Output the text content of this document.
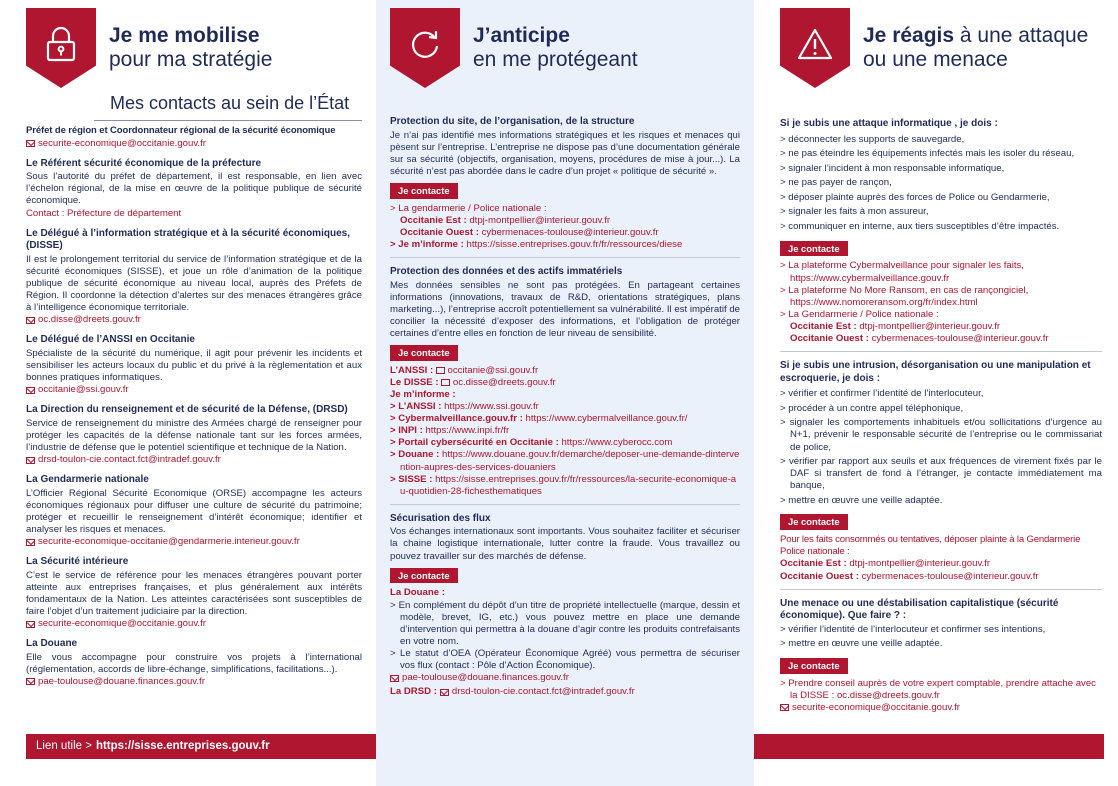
Je me mobilise
pour ma stratégie
Mes contacts au sein de l’État
Préfet de région et Coordonnateur régional de la sécurité économique
securite-economique@occitanie.gouv.fr
Le Référent sécurité économique de la préfecture
Sous l’autorité du préfet de département, il est responsable, en lien avec l’échelon régional, de la mise en œuvre de la politique publique de sécurité économique.
Contact : Préfecture de département
Le Délégué à l’information stratégique et à la sécurité économiques, (DISSE)
Il est le prolongement territorial du service de l’information stratégique et de la sécurité économiques (SISSE), et joue un rôle d’animation de la politique publique de sécurité économique au niveau local, auprès des Préfets de Région. Il coordonne la détection d’alertes sur des menaces étrangères grâce à l’intelligence économique territoriale.
oc.disse@dreets.gouv.fr
Le Délégué de l’ANSSI en Occitanie
Spécialiste de la sécurité du numérique, il agit pour prévenir les incidents et sensibiliser les acteurs locaux du public et du privé à la règlementation et aux bonnes pratiques informatiques.
occitanie@ssi.gouv.fr
La Direction du renseignement et de sécurité de la Défense, (DRSD)
Service de renseignement du ministre des Armées chargé de renseigner pour protéger les capacités de la défense nationale tant sur les forces armées, l’industrie de défense que le potentiel scientifique et technique de la Nation.
drsd-toulon-cie.contact.fct@intradef.gouv.fr
La Gendarmerie nationale
L’Officier Régional Sécurité Economique (ORSE) accompagne les acteurs économiques régionaux pour diffuser une culture de sécurité du patrimoine; protéger et recueillir le renseignement d’intérêt économique; identifier et analyser les risques et menaces.
securite-economique-occitanie@gendarmerie.interieur.gouv.fr
La Sécurité intérieure
C’est le service de référence pour les menaces étrangères pouvant porter atteinte aux entreprises françaises, et plus généralement aux intérêts fondamentaux de la Nation. Les atteintes caractérisées sont susceptibles de faire l’objet d’un traitement judiciaire par la direction.
securite-economique@occitanie.gouv.fr
La Douane
Elle vous accompagne pour construire vos projets à l’international (réglementation, accords de libre-échange, simplifications, facilitations...).
pae-toulouse@douane.finances.gouv.fr
Lien utile > https://sisse.entreprises.gouv.fr
J’anticipe
en me protégeant
Protection du site, de l’organisation, de la structure
Je n’ai pas identifié mes informations stratégiques et les risques et menaces qui pèsent sur l’entreprise. L’entreprise ne dispose pas d’une documentation générale sur sa sécurité (objectifs, organisation, moyens, procédures de mise à jour...). La sécurité n’est pas abordée dans le cadre d’un projet « politique de sécurité ».
Je contacte
> La gendarmerie / Police nationale :
Occitanie Est : dtpj-montpellier@interieur.gouv.fr
Occitanie Ouest : cybermenaces-toulouse@interieur.gouv.fr
> Je m’informe : https://sisse.entreprises.gouv.fr/fr/ressources/diese
Protection des données et des actifs immatériels
Mes données sensibles ne sont pas protégées. En partageant certaines informations (innovations, travaux de R&D, orientations stratégiques, plans marketing...), l’entreprise accroît potentiellement sa vulnérabilité. Il est impératif de concilier la nécessité d’exposer des informations, et l’obligation de protéger certaines d’entre elles en fonction de leur niveau de sensibilité.
Je contacte
L’ANSSI : occitanie@ssi.gouv.fr
Le DISSE : oc.disse@dreets.gouv.fr
Je m’informe :
> L’ANSSI : https://www.ssi.gouv.fr
> Cybermalveillance.gouv.fr : https://www.cybermalveillance.gouv.fr/
> INPI : https://www.inpi.fr/fr
> Portail cybersécurité en Occitanie : https://www.cyberocc.com
> Douane : https://www.douane.gouv.fr/demarche/deposer-une-demande-dintervention-aupres-des-services-douaniers
> SISSE : https://sisse.entreprises.gouv.fr/fr/ressources/la-securite-economique-au-quotidien-28-fichesthematiques
Sécurisation des flux
Vos échanges internationaux sont importants. Vous souhaitez faciliter et sécuriser la chaine logistique internationale, lutter contre la fraude. Vous travaillez ou pouvez travailler sur des marchés de défense.
Je contacte
La Douane :
> En complément du dépôt d’un titre de propriété intellectuelle (marque, dessin et modèle, brevet, IG, etc.) vous pouvez mettre en place une demande d’intervention qui permettra à la douane d’agir contre les produits contrefaisants en votre nom.
> Le statut d’OEA (Opérateur Économique Agréé) vous permettra de sécuriser vos flux (contact : Pôle d’Action Économique).
pae-toulouse@douane.finances.gouv.fr
La DRSD : drsd-toulon-cie.contact.fct@intradef.gouv.fr
Je réagis à une attaque
ou une menace
Si je subis une attaque informatique , je dois :
> déconnecter les supports de sauvegarde,
> ne pas éteindre les équipements infectés mais les isoler du réseau,
> signaler l’incident à mon responsable informatique,
> ne pas payer de rançon,
> déposer plainte auprès des forces de Police ou Gendarmerie,
> signaler les faits à mon assureur,
> communiquer en interne, aux tiers susceptibles d’être impactés.
Je contacte
> La plateforme Cybermalveillance pour signaler les faits,
https://www.cybermalveillance.gouv.fr
> La plateforme No More Ransom, en cas de rançongiciel,
https://www.nomoreransom.org/fr/index.html
> La Gendarmerie / Police nationale :
Occitanie Est : dtpj-montpellier@interieur.gouv.fr
Occitanie Ouest : cybermenaces-toulouse@interieur.gouv.fr
Si je subis une intrusion, désorganisation ou une manipulation et escroquerie, je dois :
> vérifier et confirmer l’identité de l’interlocuteur,
> procéder à un contre appel téléphonique,
> signaler les comportements inhabituels et/ou sollicitations d’urgence au N+1, prévenir le responsable sécurité de l’entreprise ou le commissariat de police,
> vérifier par rapport aux seuils et aux fréquences de virement fixés par le DAF si transfert de fond à l’étranger, je contacte immédiatement ma banque,
> mettre en œuvre une veille adaptée.
Je contacte
Pour les faits consommés ou tentatives, déposer plainte à la Gendarmerie Police nationale :
Occitanie Est : dtpj-montpellier@interieur.gouv.fr
Occitanie Ouest : cybermenaces-toulouse@interieur.gouv.fr
Une menace ou une déstabilisation capitalistique (sécurité économique). Que faire ? :
> vérifier l’identité de l’interlocuteur et confirmer ses intentions,
> mettre en œuvre une veille adaptée.
Je contacte
> Prendre conseil auprès de votre expert comptable, prendre attache avec la DISSE : oc.disse@dreets.gouv.fr
securite-economique@occitanie.gouv.fr
